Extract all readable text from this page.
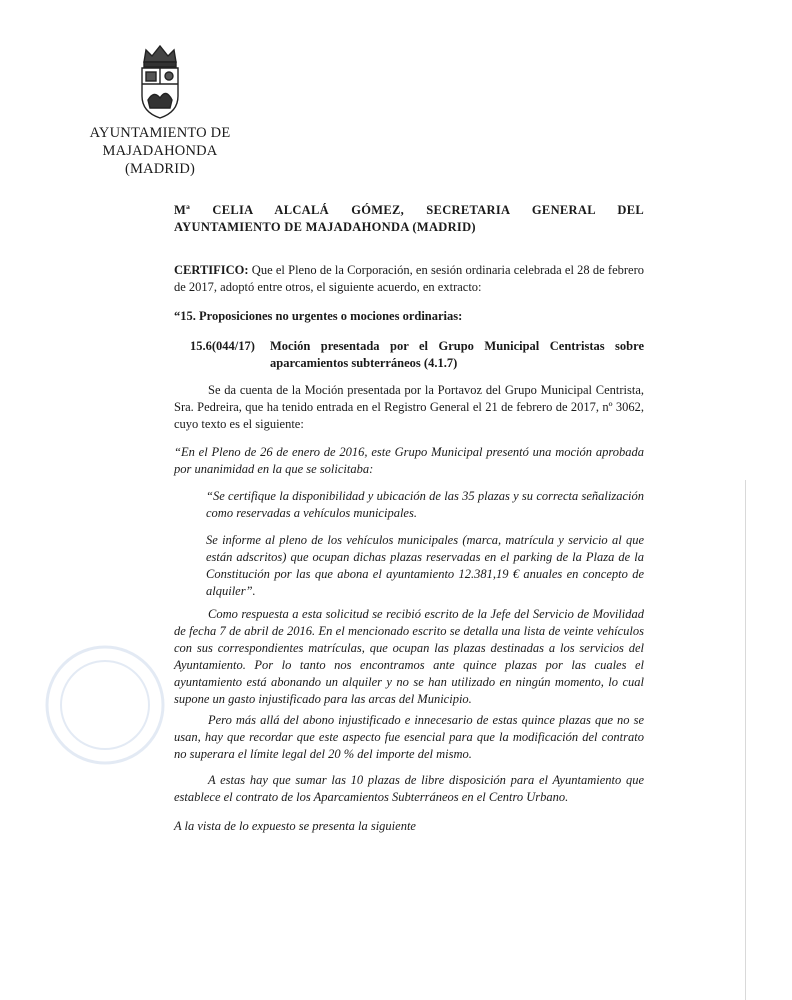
AYUNTAMIENTO DE
MAJADAHONDA
(MADRID)
Mª CELIA ALCALÁ GÓMEZ, SECRETARIA GENERAL DEL
AYUNTAMIENTO DE MAJADAHONDA (MADRID)
CERTIFICO: Que el Pleno de la Corporación, en sesión ordinaria celebrada el 28 de febrero de 2017, adoptó entre otros, el siguiente acuerdo, en extracto:
“15. Proposiciones no urgentes o mociones ordinarias:
15.6(044/17)	Moción presentada por el Grupo Municipal Centristas sobre aparcamientos subterráneos (4.1.7)
Se da cuenta de la Moción presentada por la Portavoz del Grupo Municipal Centrista, Sra. Pedreira, que ha tenido entrada en el Registro General el 21 de febrero de 2017, nº 3062, cuyo texto es el siguiente:
“En el Pleno de 26 de enero de 2016, este Grupo Municipal presentó una moción aprobada por unanimidad en la que se solicitaba:
“Se certifique la disponibilidad y ubicación de las 35 plazas y su correcta señalización como reservadas a vehículos municipales.
Se informe al pleno de los vehículos municipales (marca, matrícula y servicio al que están adscritos) que ocupan dichas plazas reservadas en el parking de la Plaza de la Constitución por las que abona el ayuntamiento 12.381,19 € anuales en concepto de alquiler”.
Como respuesta a esta solicitud se recibió escrito de la Jefe del Servicio de Movilidad de fecha 7 de abril de 2016. En el mencionado escrito se detalla una lista de veinte vehículos con sus correspondientes matrículas, que ocupan las plazas destinadas a los servicios del Ayuntamiento. Por lo tanto nos encontramos ante quince plazas por las cuales el ayuntamiento está abonando un alquiler y no se han utilizado en ningún momento, lo cual supone un gasto injustificado para las arcas del Municipio.
Pero más allá del abono injustificado e innecesario de estas quince plazas que no se usan, hay que recordar que este aspecto fue esencial para que la modificación del contrato no superara el límite legal del 20 % del importe del mismo.
A estas hay que sumar las 10 plazas de libre disposición para el Ayuntamiento que establece el contrato de los Aparcamientos Subterráneos en el Centro Urbano.
A la vista de lo expuesto se presenta la siguiente
